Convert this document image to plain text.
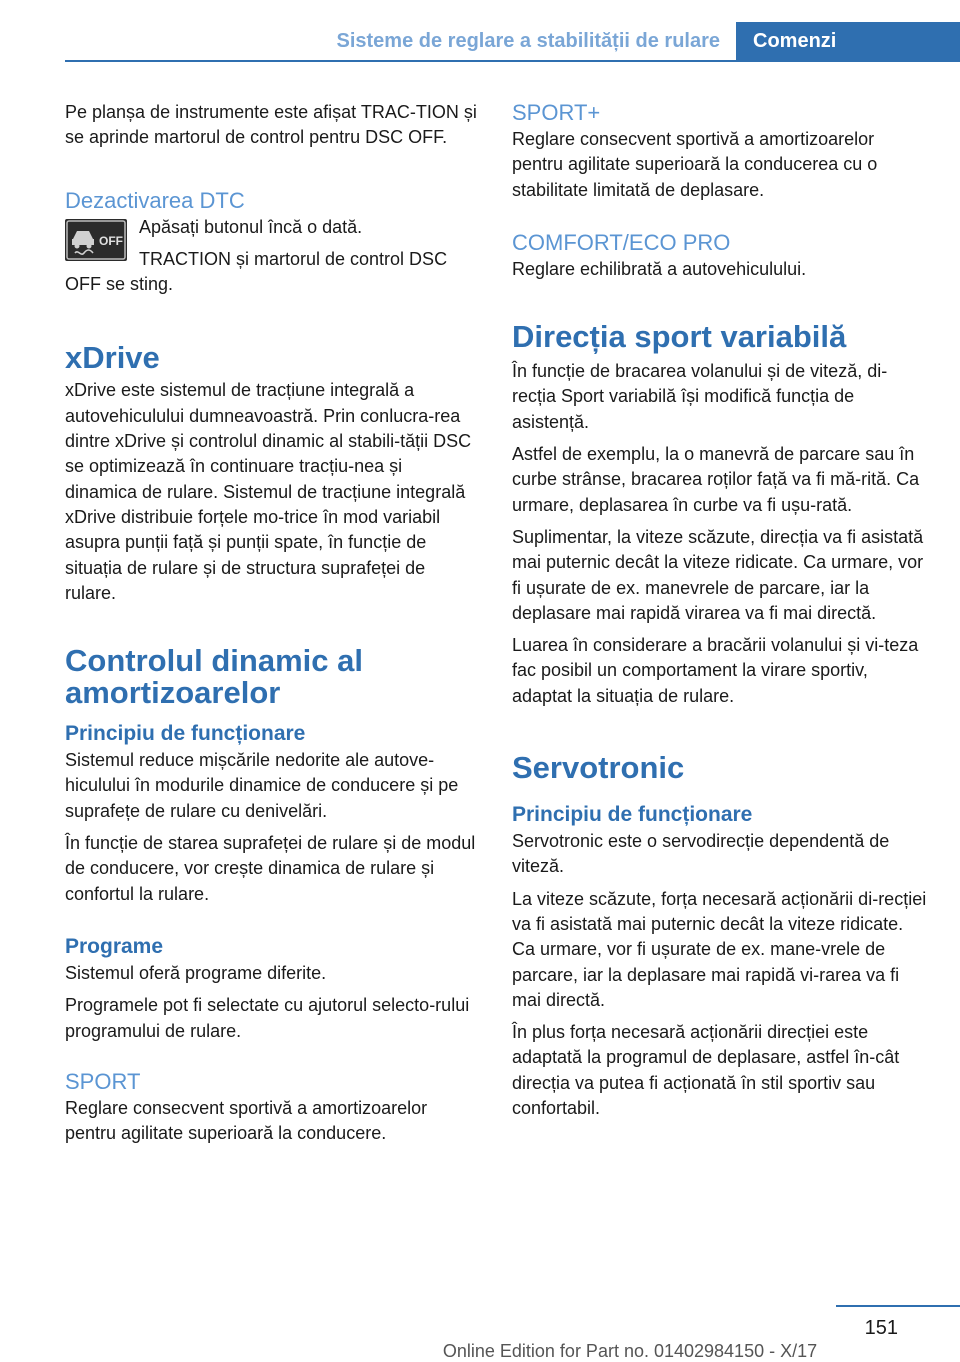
Sisteme de reglare a stabilității de rulare	Comenzi

Pe planșa de instrumente este afișat TRAC‐TION și se aprinde martorul de control pentru DSC OFF.

Dezactivarea DTC
OFF

Apăsați butonul încă o dată.

TRACTION și martorul de control DSC OFF se sting.

xDrive

xDrive este sistemul de tracțiune integrală a autovehiculului dumneavoastră. Prin conlucra‐rea dintre xDrive și controlul dinamic al stabili‐tății DSC se optimizează în continuare tracțiu‐nea și dinamica de rulare. Sistemul de tracțiune integrală xDrive distribuie forțele mo‐trice în mod variabil asupra punții față și punții spate, în funcție de situația de rulare și de structura suprafeței de rulare.

Controlul dinamic al amortizoarelor
Principiu de funcționare

Sistemul reduce mișcările nedorite ale autove‐hiculului în modurile dinamice de conducere și pe suprafețe de rulare cu denivelări.

În funcție de starea suprafeței de rulare și de modul de conducere, vor crește dinamica de rulare și confortul la rulare.

Programe

Sistemul oferă programe diferite.

Programele pot fi selectate cu ajutorul selecto‐rului programului de rulare.

SPORT

Reglare consecvent sportivă a amortizoarelor pentru agilitate superioară la conducere.

SPORT+

Reglare consecvent sportivă a amortizoarelor pentru agilitate superioară la conducerea cu o stabilitate limitată de deplasare.

COMFORT/ECO PRO

Reglare echilibrată a autovehiculului.

Direcția sport variabilă

În funcție de bracarea volanului și de viteză, di‐recția Sport variabilă își modifică funcția de asistență.

Astfel de exemplu, la o manevră de parcare sau în curbe strânse, bracarea roților față va fi mă‐rită. Ca urmare, deplasarea în curbe va fi ușu‐rată.

Suplimentar, la viteze scăzute, direcția va fi asistată mai puternic decât la viteze ridicate. Ca urmare, vor fi ușurate de ex. manevrele de parcare, iar la deplasare mai rapidă virarea va fi mai directă.

Luarea în considerare a bracării volanului și vi‐teza fac posibil un comportament la virare sportiv, adaptat la situația de rulare.

Servotronic
Principiu de funcționare

Servotronic este o servodirecție dependentă de viteză.

La viteze scăzute, forța necesară acționării di‐recției va fi asistată mai puternic decât la viteze ridicate. Ca urmare, vor fi ușurate de ex. mane‐vrele de parcare, iar la deplasare mai rapidă vi‐rarea va fi mai directă.

În plus forța necesară acționării direcției este adaptată la programul de deplasare, astfel în‐cât direcția va putea fi acționată în stil sportiv sau confortabil.

151
Online Edition for Part no. 01402984150 - X/17
